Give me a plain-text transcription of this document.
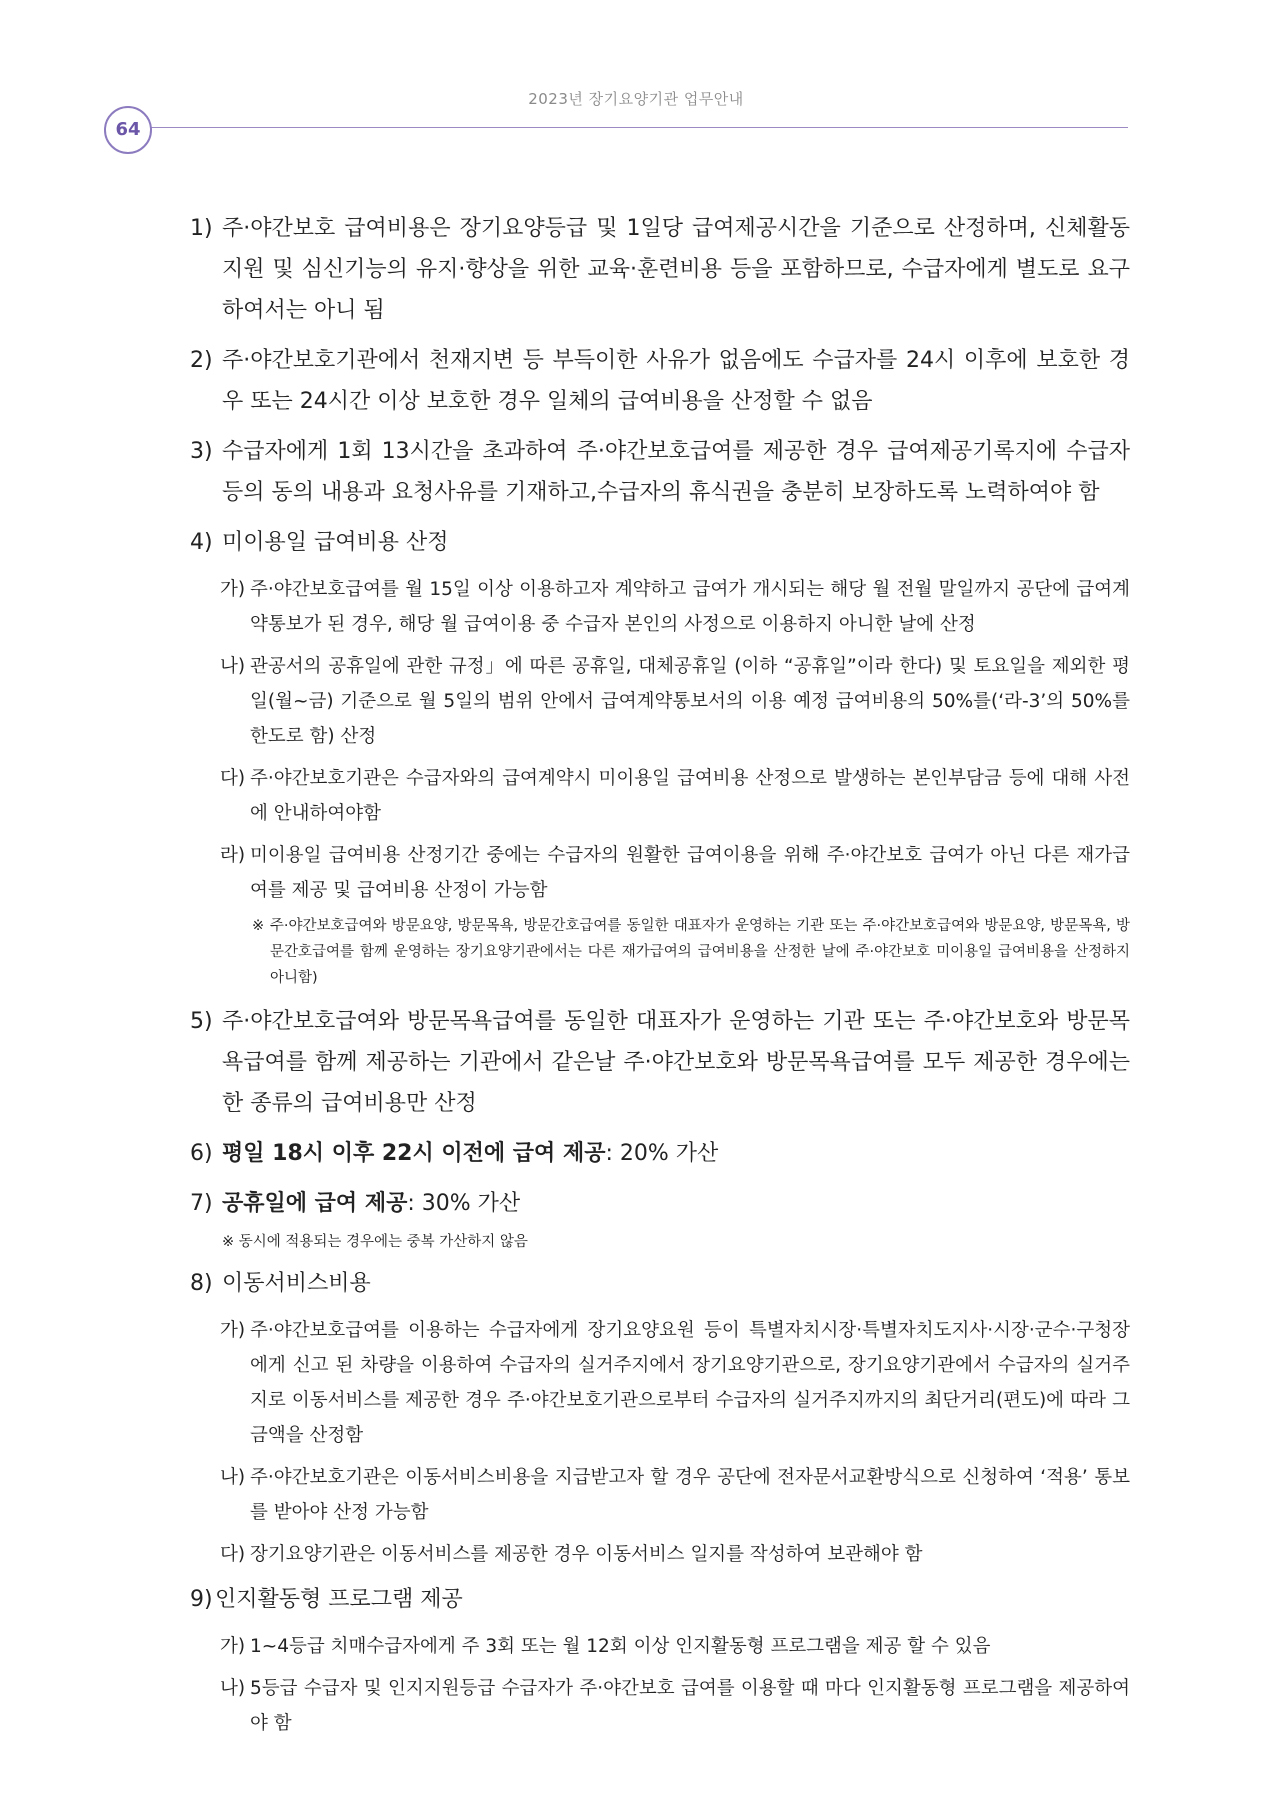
2023년 장기요양기관 업무안내
64
1) 주·야간보호 급여비용은 장기요양등급 및 1일당 급여제공시간을 기준으로 산정하며, 신체활동 지원 및 심신기능의 유지·향상을 위한 교육·훈련비용 등을 포함하므로, 수급자에게 별도로 요구하여서는 아니 됨
2) 주·야간보호기관에서 천재지변 등 부득이한 사유가 없음에도 수급자를 24시 이후에 보호한 경우 또는 24시간 이상 보호한 경우 일체의 급여비용을 산정할 수 없음
3) 수급자에게 1회 13시간을 초과하여 주·야간보호급여를 제공한 경우 급여제공기록지에 수급자 등의 동의 내용과 요청사유를 기재하고,수급자의 휴식권을 충분히 보장하도록 노력하여야 함
4) 미이용일 급여비용 산정
가) 주·야간보호급여를 월 15일 이상 이용하고자 계약하고 급여가 개시되는 해당 월 전월 말일까지 공단에 급여계약통보가 된 경우, 해당 월 급여이용 중 수급자 본인의 사정으로 이용하지 아니한 날에 산정
나) 관공서의 공휴일에 관한 규정」에 따른 공휴일, 대체공휴일 (이하 “공휴일”이라 한다) 및 토요일을 제외한 평일(월~금) 기준으로 월 5일의 범위 안에서 급여계약통보서의 이용 예정 급여비용의 50%를(‘라-3’의 50%를 한도로 함) 산정
다) 주·야간보호기관은 수급자와의 급여계약시 미이용일 급여비용 산정으로 발생하는 본인부담금 등에 대해 사전에 안내하여야함
라) 미이용일 급여비용 산정기간 중에는 수급자의 원활한 급여이용을 위해 주·야간보호 급여가 아닌 다른 재가급여를 제공 및 급여비용 산정이 가능함
※ 주·야간보호급여와 방문요양, 방문목욕, 방문간호급여를 동일한 대표자가 운영하는 기관 또는 주·야간보호급여와 방문요양, 방문목욕, 방문간호급여를 함께 운영하는 장기요양기관에서는 다른 재가급여의 급여비용을 산정한 날에 주·야간보호 미이용일 급여비용을 산정하지 아니함)
5) 주·야간보호급여와 방문목욕급여를 동일한 대표자가 운영하는 기관 또는 주·야간보호와 방문목욕급여를 함께 제공하는 기관에서 같은날 주·야간보호와 방문목욕급여를 모두 제공한 경우에는 한 종류의 급여비용만 산정
6) 평일 18시 이후 22시 이전에 급여 제공: 20% 가산
7) 공휴일에 급여 제공: 30% 가산
※ 동시에 적용되는 경우에는 중복 가산하지 않음
8) 이동서비스비용
가) 주·야간보호급여를 이용하는 수급자에게 장기요양요원 등이 특별자치시장·특별자치도지사·시장·군수·구청장에게 신고 된 차량을 이용하여 수급자의 실거주지에서 장기요양기관으로, 장기요양기관에서 수급자의 실거주지로 이동서비스를 제공한 경우 주·야간보호기관으로부터 수급자의 실거주지까지의 최단거리(편도)에 따라 그 금액을 산정함
나) 주·야간보호기관은 이동서비스비용을 지급받고자 할 경우 공단에 전자문서교환방식으로 신청하여 ‘적용’ 통보를 받아야 산정 가능함
다) 장기요양기관은 이동서비스를 제공한 경우 이동서비스 일지를 작성하여 보관해야 함
9) 인지활동형 프로그램 제공
가) 1~4등급 치매수급자에게 주 3회 또는 월 12회 이상 인지활동형 프로그램을 제공 할 수 있음
나) 5등급 수급자 및 인지지원등급 수급자가 주·야간보호 급여를 이용할 때 마다 인지활동형 프로그램을 제공하여야 함
